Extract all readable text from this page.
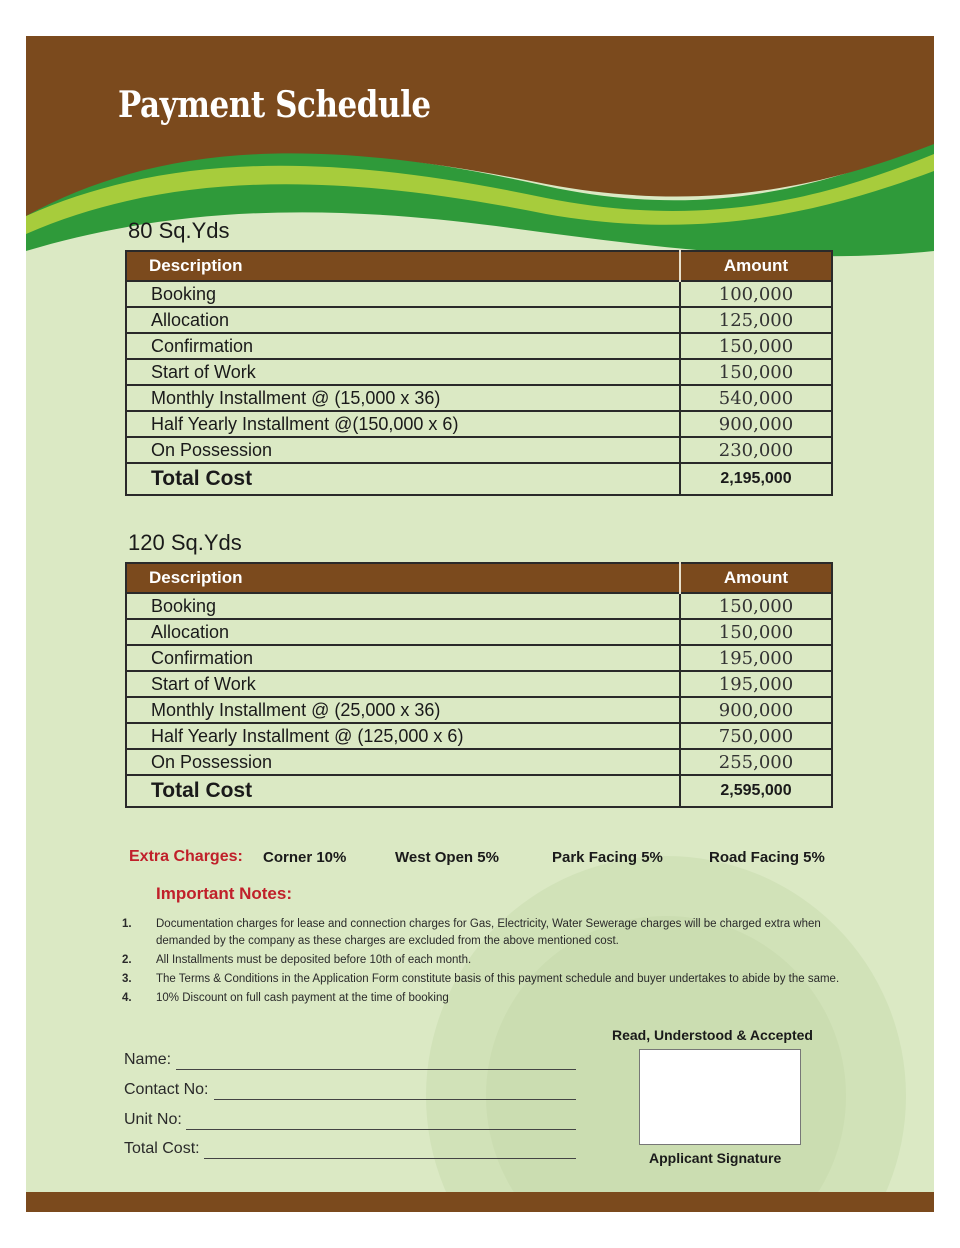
Payment Schedule
80 Sq.Yds
Description	Amount
Booking	100,000
Allocation	125,000
Confirmation	150,000
Start of Work	150,000
Monthly Installment @ (15,000 x 36)	540,000
Half Yearly Installment @(150,000 x 6)	900,000
On Possession	230,000
Total Cost	2,195,000
120 Sq.Yds
Description	Amount
Booking	150,000
Allocation	150,000
Confirmation	195,000
Start of Work	195,000
Monthly Installment @ (25,000 x 36)	900,000
Half Yearly Installment @ (125,000 x 6)	750,000
On Possession	255,000
Total Cost	2,595,000
Extra Charges: Corner 10%	West Open 5%	Park Facing 5%	Road Facing 5%
Important Notes:
1. Documentation charges for lease and connection charges for Gas, Electricity, Water Sewerage charges will be charged extra when demanded by the company as these charges are excluded from the above mentioned cost.
2. All Installments must be deposited before 10th of each month.
3. The Terms & Conditions in the Application Form constitute basis of this payment schedule and buyer undertakes to abide by the same.
4. 10% Discount on full cash payment at the time of booking
Name:
Contact No:
Unit No:
Total Cost:

Read, Understood & Accepted

Applicant Signature
